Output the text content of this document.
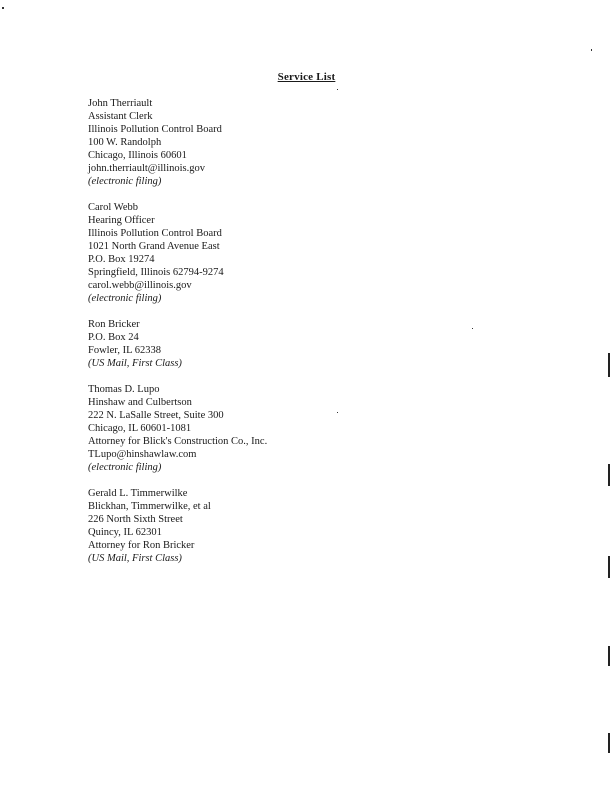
Service List
John Therriault
Assistant Clerk
Illinois Pollution Control Board
100 W. Randolph
Chicago, Illinois 60601
john.therriault@illinois.gov
(electronic filing)
Carol Webb
Hearing Officer
Illinois Pollution Control Board
1021 North Grand Avenue East
P.O. Box 19274
Springfield, Illinois 62794-9274
carol.webb@illinois.gov
(electronic filing)
Ron Bricker
P.O. Box 24
Fowler, IL 62338
(US Mail, First Class)
Thomas D. Lupo
Hinshaw and Culbertson
222 N. LaSalle Street, Suite 300
Chicago, IL 60601-1081
Attorney for Blick's Construction Co., Inc.
TLupo@hinshawlaw.com
(electronic filing)
Gerald L. Timmerwilke
Blickhan, Timmerwilke, et al
226 North Sixth Street
Quincy, IL 62301
Attorney for Ron Bricker
(US Mail, First Class)
